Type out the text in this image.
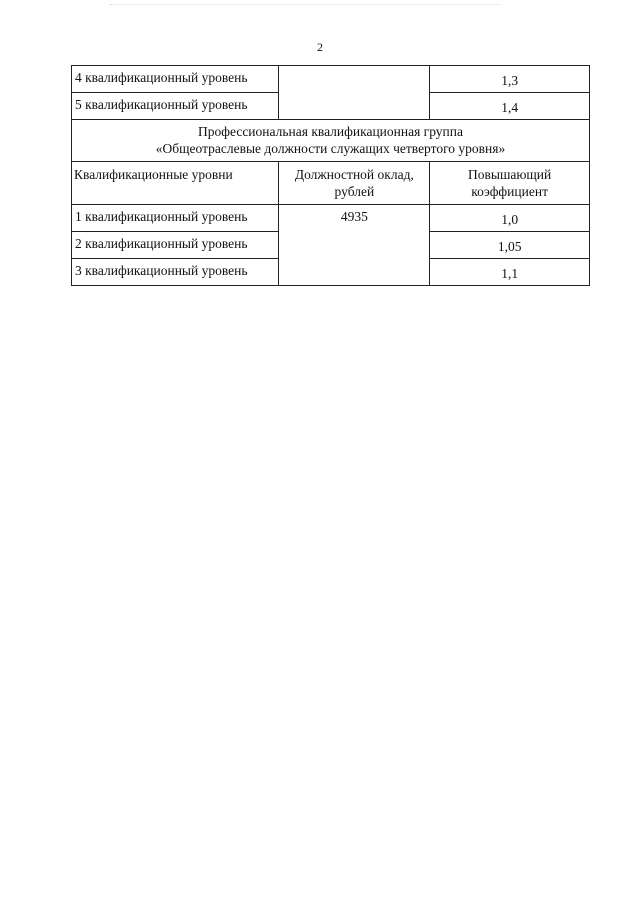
2
4 квалификационный уровень		1,3
5 квалификационный уровень		1,4

Профессиональная квалификационная группа
«Общеотраслевые должности служащих четвертого уровня»		

Квалификационные уровни	Должностной оклад, рублей	Повышающий коэффициент
1 квалификационный уровень	4935	1,0
2 квалификационный уровень		1,05
3 квалификационный уровень		1,1
